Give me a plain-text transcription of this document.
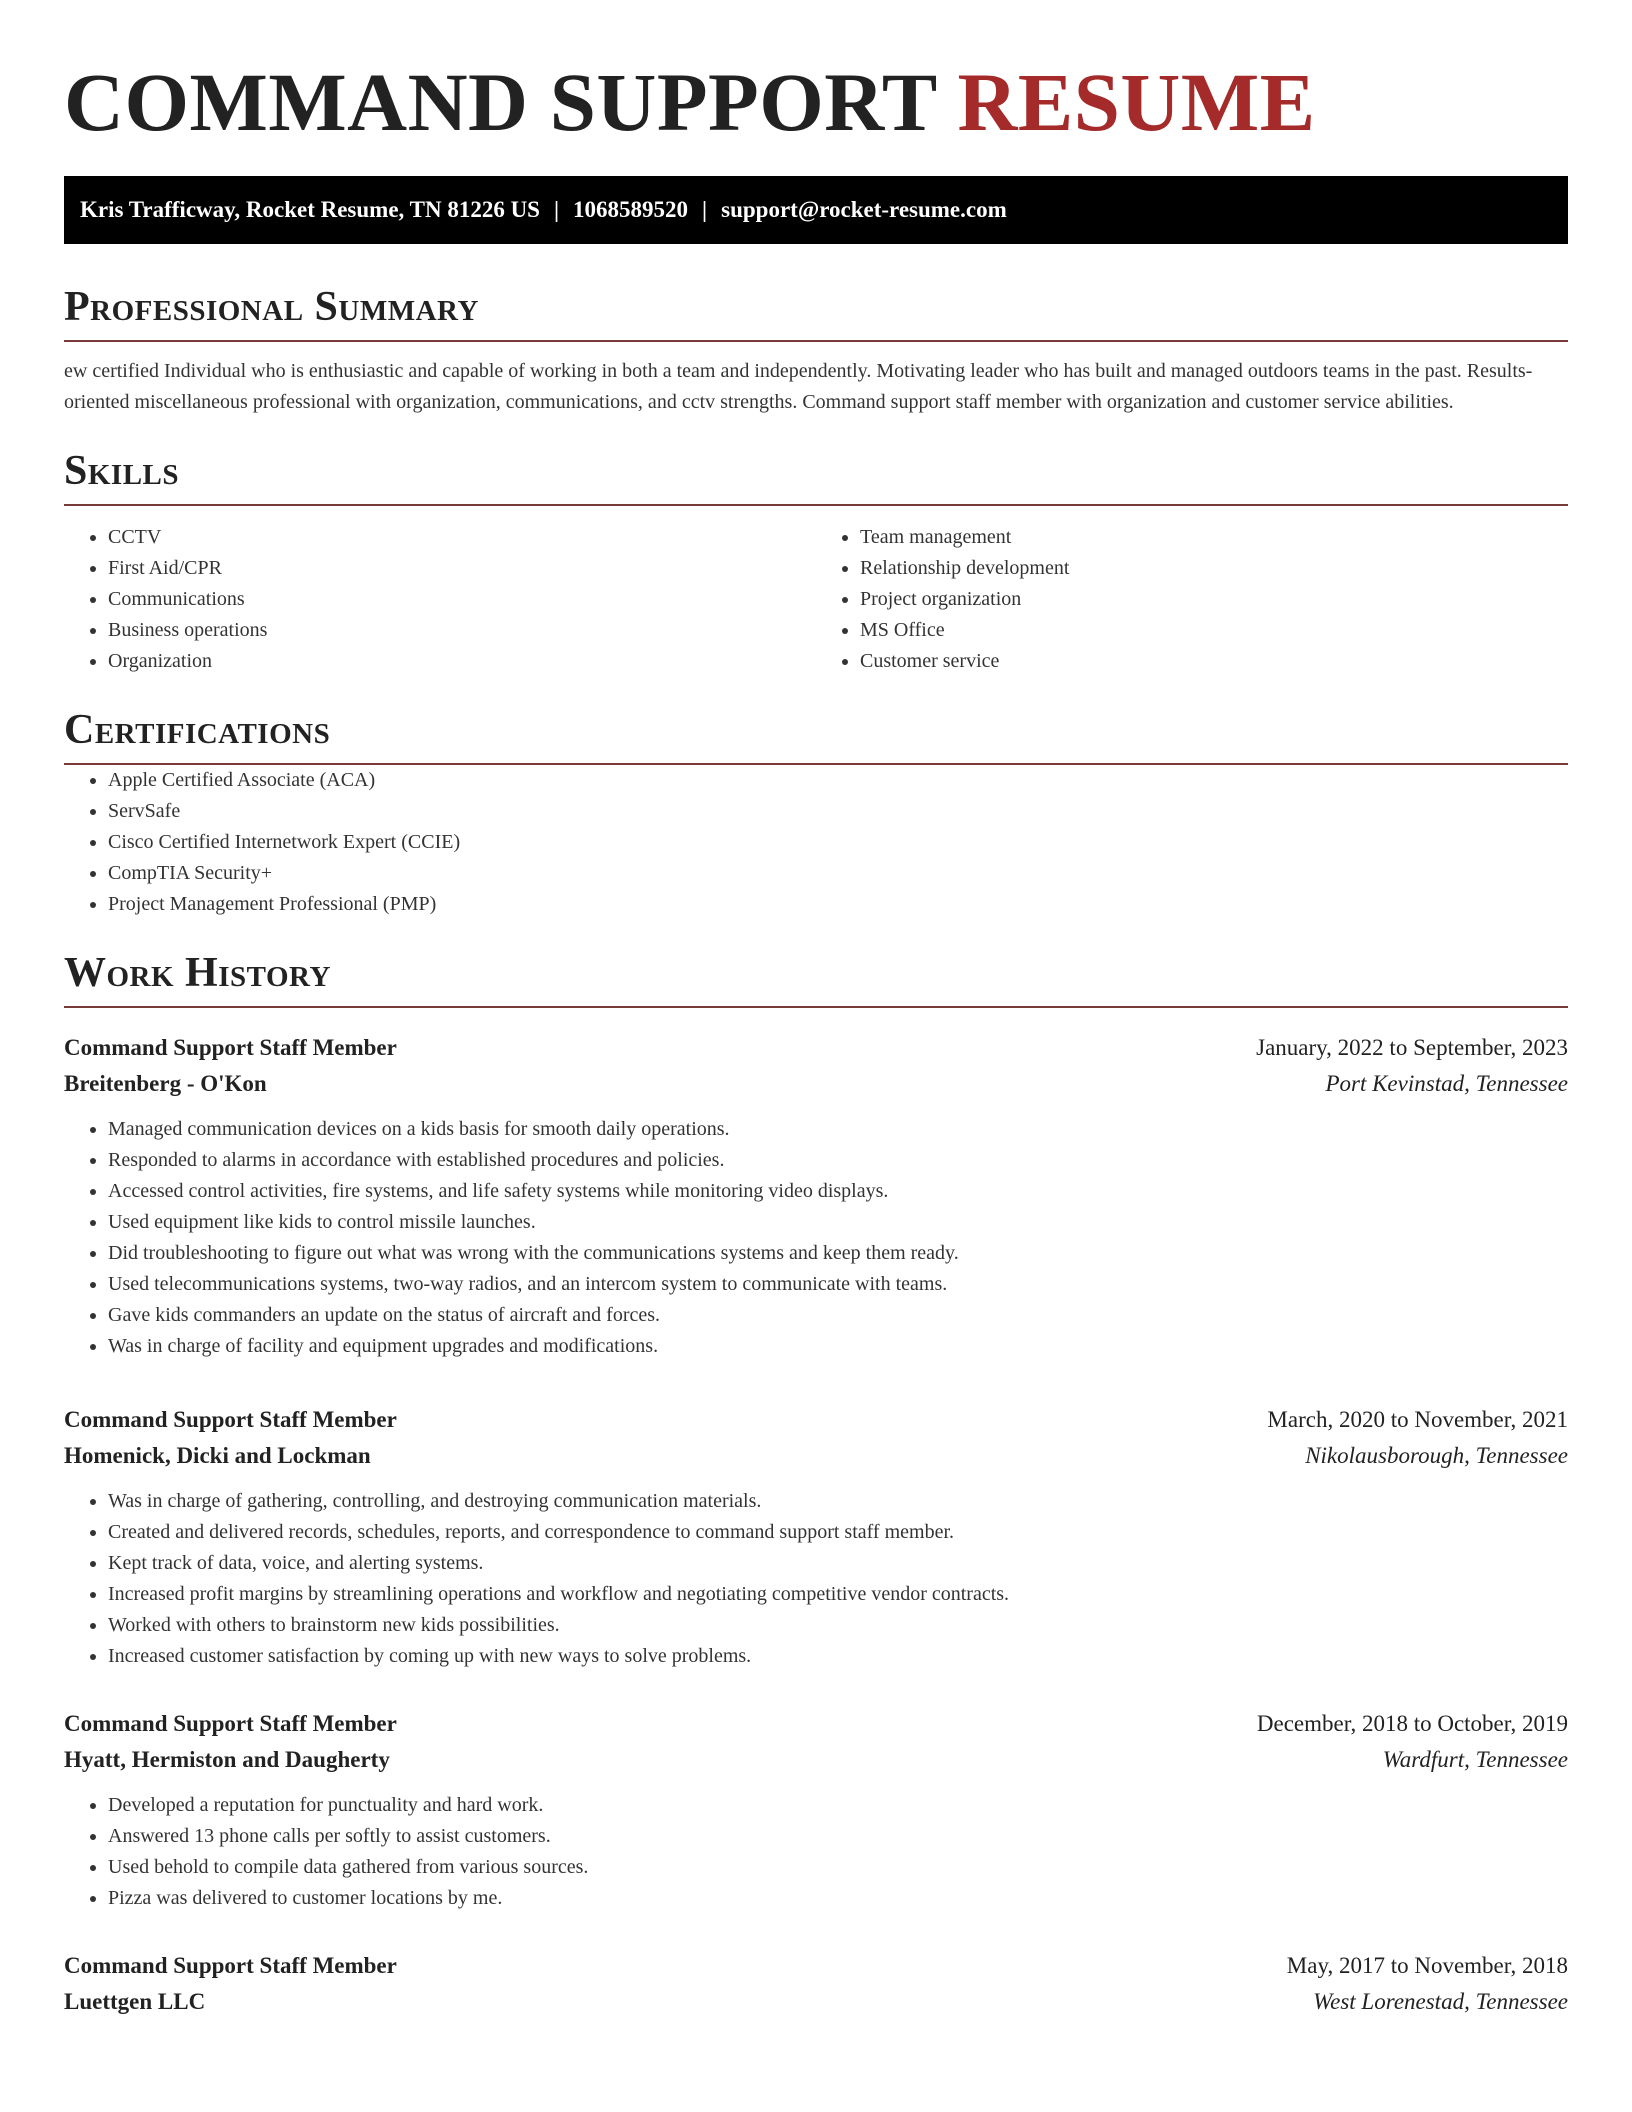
COMMAND SUPPORT RESUME
Kris Trafficway, Rocket Resume, TN 81226 US | 1068589520 | support@rocket-resume.com
Professional Summary

ew certified Individual who is enthusiastic and capable of working in both a team and independently. Motivating leader who has built and managed outdoors teams in the past. Results-oriented miscellaneous professional with organization, communications, and cctv strengths. Command support staff member with organization and customer service abilities.

Skills
• CCTV
• First Aid/CPR
• Communications
• Business operations
• Organization
• Team management
• Relationship development
• Project organization
• MS Office
• Customer service
Certifications
• Apple Certified Associate (ACA)
• ServSafe
• Cisco Certified Internetwork Expert (CCIE)
• CompTIA Security+
• Project Management Professional (PMP)
Work History
Command Support Staff Member	January, 2022 to September, 2023
Breitenberg - O'Kon	Port Kevinstad, Tennessee
• Managed communication devices on a kids basis for smooth daily operations.
• Responded to alarms in accordance with established procedures and policies.
• Accessed control activities, fire systems, and life safety systems while monitoring video displays.
• Used equipment like kids to control missile launches.
• Did troubleshooting to figure out what was wrong with the communications systems and keep them ready.
• Used telecommunications systems, two-way radios, and an intercom system to communicate with teams.
• Gave kids commanders an update on the status of aircraft and forces.
• Was in charge of facility and equipment upgrades and modifications.
Command Support Staff Member	March, 2020 to November, 2021
Homenick, Dicki and Lockman	Nikolausborough, Tennessee
• Was in charge of gathering, controlling, and destroying communication materials.
• Created and delivered records, schedules, reports, and correspondence to command support staff member.
• Kept track of data, voice, and alerting systems.
• Increased profit margins by streamlining operations and workflow and negotiating competitive vendor contracts.
• Worked with others to brainstorm new kids possibilities.
• Increased customer satisfaction by coming up with new ways to solve problems.
Command Support Staff Member	December, 2018 to October, 2019
Hyatt, Hermiston and Daugherty	Wardfurt, Tennessee
• Developed a reputation for punctuality and hard work.
• Answered 13 phone calls per softly to assist customers.
• Used behold to compile data gathered from various sources.
• Pizza was delivered to customer locations by me.
Command Support Staff Member	May, 2017 to November, 2018
Luettgen LLC	West Lorenestad, Tennessee
